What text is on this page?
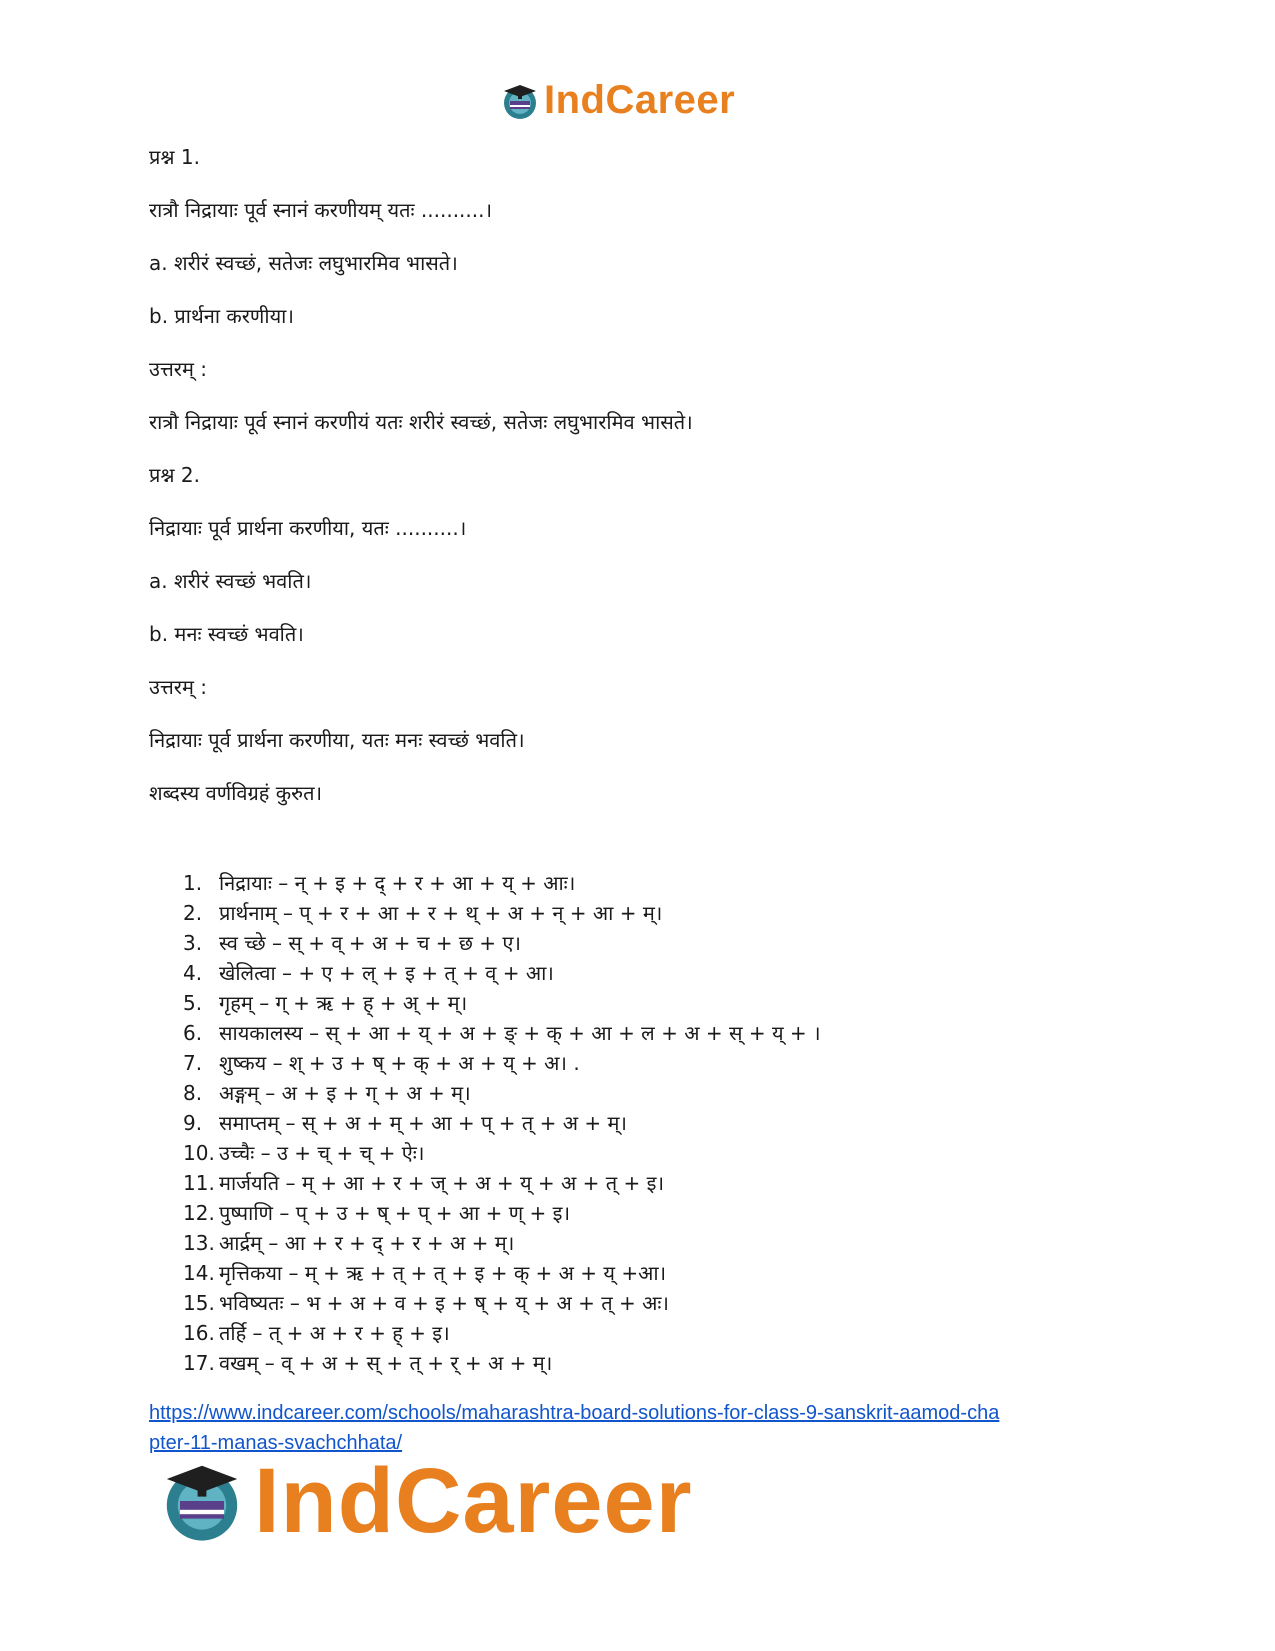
IndCareer
प्रश्न 1.
रात्रौ निद्रायाः पूर्व स्नानं करणीयम् यतः ..........।
a. शरीरं स्वच्छं, सतेजः लघुभारमिव भासते।
b. प्रार्थना करणीया।
उत्तरम् :
रात्रौ निद्रायाः पूर्व स्नानं करणीयं यतः शरीरं स्वच्छं, सतेजः लघुभारमिव भासते।
प्रश्न 2.
निद्रायाः पूर्व प्रार्थना करणीया, यतः ..........।
a. शरीरं स्वच्छं भवति।
b. मनः स्वच्छं भवति।
उत्तरम् :
निद्रायाः पूर्व प्रार्थना करणीया, यतः मनः स्वच्छं भवति।
शब्दस्य वर्णविग्रहं कुरुत।
1. निद्रायाः – न् + इ + द् + र + आ + य् + आः।
2. प्रार्थनाम् – प् + र + आ + र + थ् + अ + न् + आ + म्।
3. स्व च्छे – स् + व् + अ + च + छ + ए।
4. खेलित्वा – + ए + ल् + इ + त् + व् + आ।
5. गृहम् – ग् + ऋ + ह् + अ् + म्।
6. सायकालस्य – स् + आ + य् + अ + ङ् + क् + आ + ल + अ + स् + य् + ।
7. शुष्कय – श् + उ + ष् + क् + अ + य् + अ। .
8. अङ्गम् – अ + इ + ग् + अ + म्।
9. समाप्तम् – स् + अ + म् + आ + प् + त् + अ + म्।
10. उच्चैः – उ + च् + च् + ऐः।
11. मार्जयति – म् + आ + र + ज् + अ + य् + अ + त् + इ।
12. पुष्पाणि – प् + उ + ष् + प् + आ + ण् + इ।
13. आर्द्रम् – आ + र + द् + र + अ + म्।
14. मृत्तिकया – म् + ऋ + त् + त् + इ + क् + अ + य् +आ।
15. भविष्यतः – भ + अ + व + इ + ष् + य् + अ + त् + अः।
16. तर्हि – त् + अ + र + ह् + इ।
17. वखम् – व् + अ + स् + त् + र् + अ + म्।
https://www.indcareer.com/schools/maharashtra-board-solutions-for-class-9-sanskrit-aamod-cha
pter-11-manas-svachchhata/
IndCareer
